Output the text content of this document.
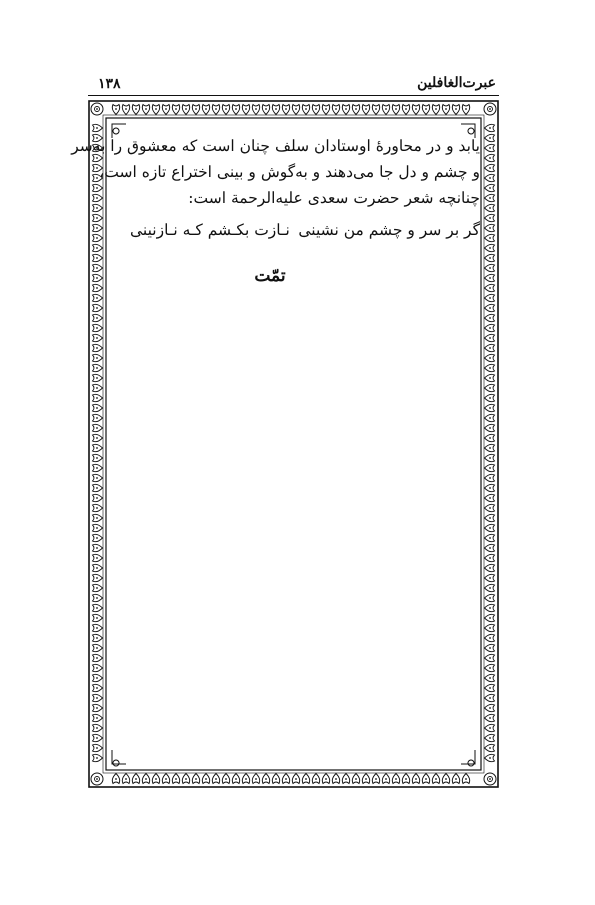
۱۳۸	عبرت‌الغافلین
یابد و در محاورۀ اوستادان سلف چنان است که معشوق را به‌سر
و چشم و دل جا می‌دهند و به‌گوش و بینی اختراع تازه است،
چنانچه شعر حضرت سعدی علیه‌الرحمة است:
گر بر سر و چشم من نشینی
نـازت بکـشم کـه نـازنینی
تمّت
